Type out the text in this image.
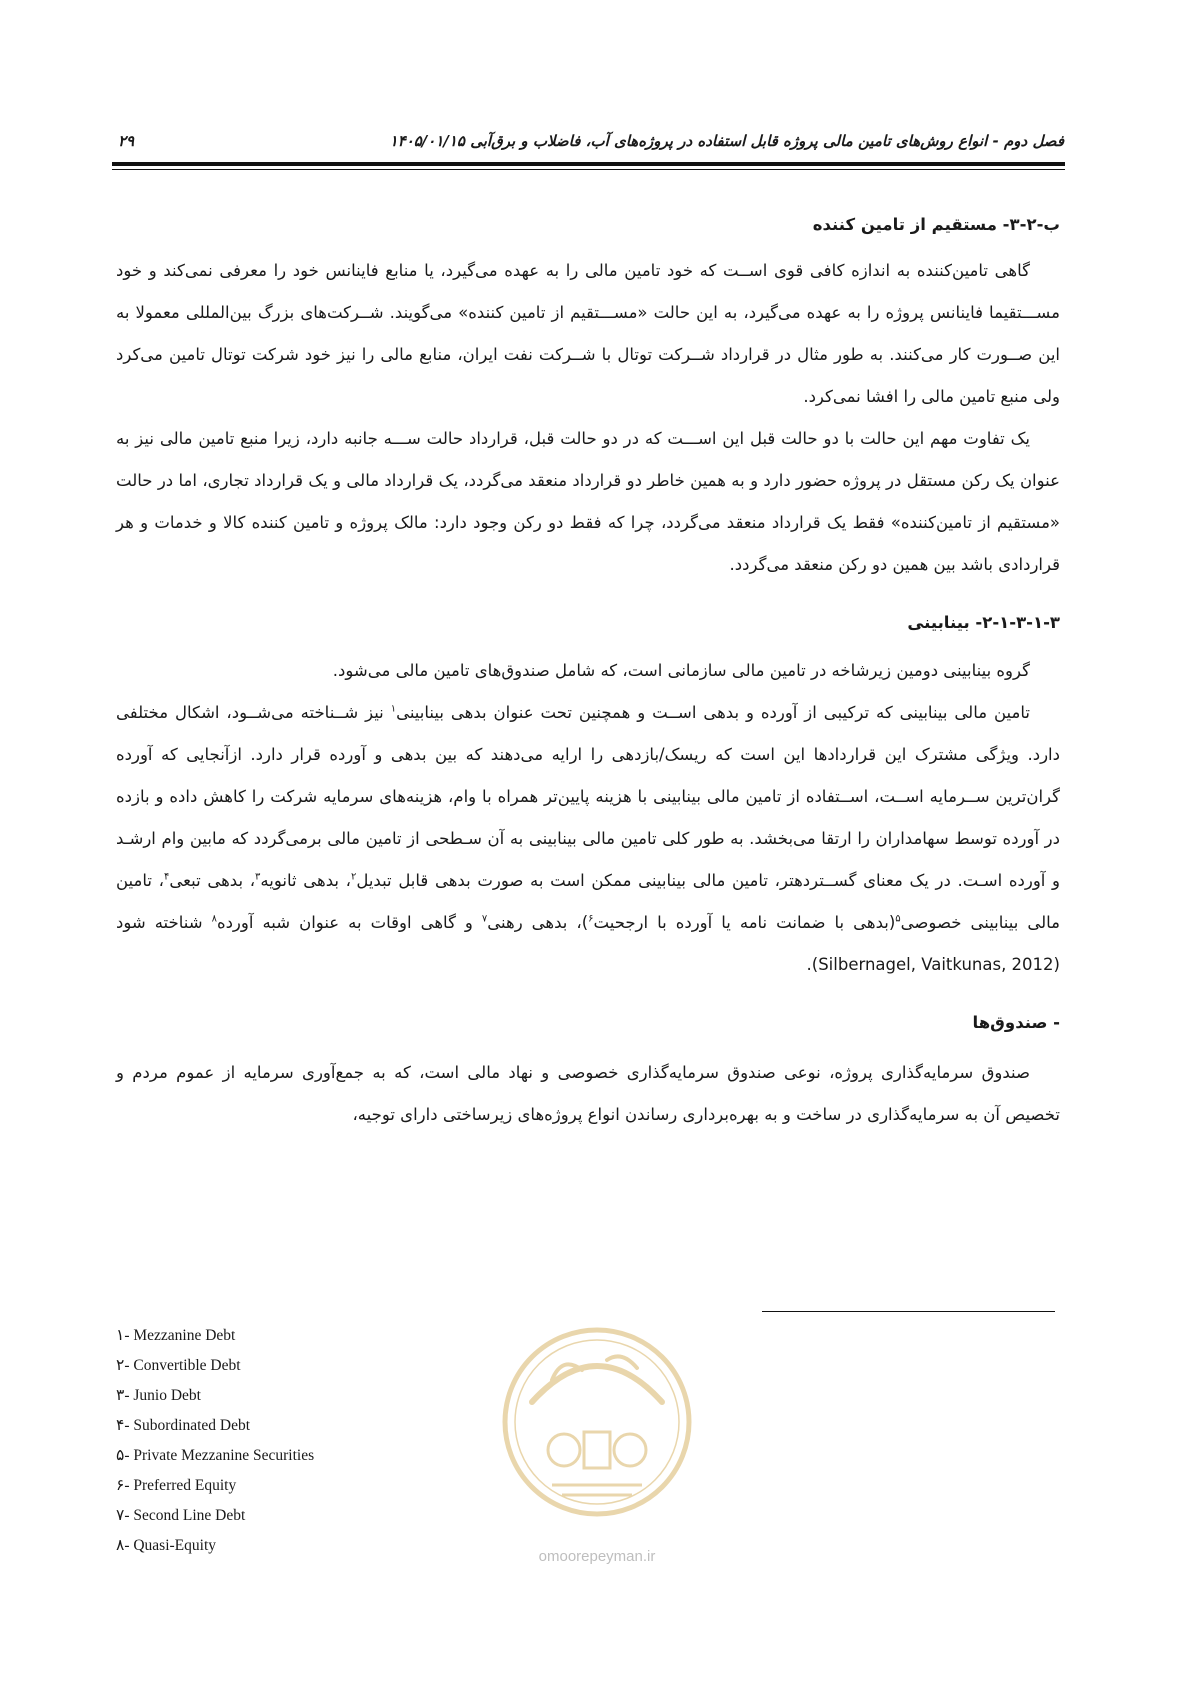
فصل دوم - انواع روش‌های تامین مالی پروژه قابل استفاده در پروژه‌های آب، فاضلاب و برق‌آبی ۱۴۰۵/۰۱/۱۵
۲۹

ب-۲-۳- مستقیم از تامین کننده

گاهی تامین‌کننده به اندازه کافی قوی اســت که خود تامین مالی را به عهده می‌گیرد، یا منابع فاینانس خود را معرفی نمی‌کند و خود مســـتقیما فاینانس پروژه را به عهده می‌گیرد، به این حالت «مســـتقیم از تامین کننده» می‌گویند. شــرکت‌های بزرگ بین‌المللی معمولا به این صــورت کار می‌کنند. به طور مثال در قرارداد شــرکت توتال با شــرکت نفت ایران، منابع مالی را نیز خود شرکت توتال تامین می‌کرد ولی منبع تامین مالی را افشا نمی‌کرد.

یک تفاوت مهم این حالت با دو حالت قبل این اســـت که در دو حالت قبل، قرارداد حالت ســـه جانبه دارد، زیرا منبع تامین مالی نیز به عنوان یک رکن مستقل در پروژه حضور دارد و به همین خاطر دو قرارداد منعقد می‌گردد، یک قرارداد مالی و یک قرارداد تجاری، اما در حالت «مستقیم از تامین‌کننده» فقط یک قرارداد منعقد می‌گردد، چرا که فقط دو رکن وجود دارد: مالک پروژه و تامین کننده کالا و خدمات و هر قراردادی باشد بین همین دو رکن منعقد می‌گردد.

۲-۱-۳-۱-۳- بینابینی

گروه بینابینی دومین زیرشاخه در تامین مالی سازمانی است، که شامل صندوق‌های تامین مالی می‌شود.

تامین مالی بینابینی که ترکیبی از آورده و بدهی اســت و همچنین تحت عنوان بدهی بینابینی$^۱$ نیز شــناخته می‌شــود، اشکال مختلفی دارد. ویژگی مشترک این قراردادها این است که ریسک/بازدهی را ارایه می‌دهند که بین بدهی و آورده قرار دارد. ازآنجایی که آورده گران‌ترین ســرمایه اســت، اســتفاده از تامین مالی بینابینی با هزینه پایین‌تر همراه با وام، هزینه‌های سرمایه شرکت را کاهش داده و بازده در آورده توسط سهامداران را ارتقا می‌بخشد. به طور کلی تامین مالی بینابینی به آن سـطحی از تامین مالی برمی‌گردد که مابین وام ارشـد و آورده اسـت. در یک معنای گســتردهتر، تامین مالی بینابینی ممکن است به صورت بدهی قابل تبدیل$^۲$، بدهی ثانویه$^۳$، بدهی تبعی$^۴$، تامین مالی بینابینی خصوصی$^۵$(بدهی با ضمانت نامه یا آورده با ارجحیت$^۶$)، بدهی رهنی$^۷$ و گاهی اوقات به عنوان شبه آورده$^۸$ شناخته شود (Silbernagel, Vaitkunas, 2012).

- صندوق‌ها

صندوق سرمایه‌گذاری پروژه، نوعی صندوق سرمایه‌گذاری خصوصی و نهاد مالی است، که به جمع‌آوری سرمایه از عموم مردم و تخصیص آن به سرمایه‌گذاری در ساخت و به بهره‌برداری رساندن انواع پروژه‌های زیرساختی دارای توجیه،

۱- Mezzanine Debt
۲- Convertible Debt
۳- Junio Debt
۴- Subordinated Debt
۵- Private Mezzanine Securities
۶- Preferred Equity
۷- Second Line Debt
۸- Quasi-Equity
omoorepeyman.ir
